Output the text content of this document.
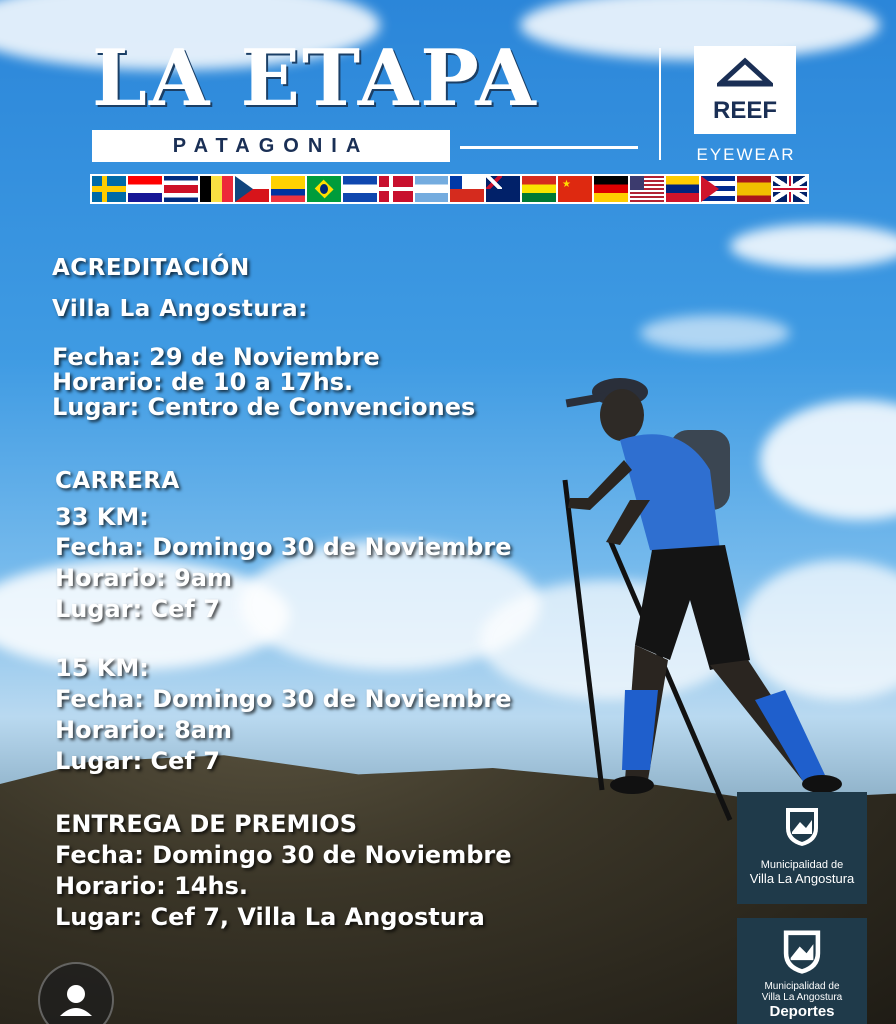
LA ETAPA
PATAGONIA
REEF
EYEWEAR
★
ACREDITACIÓN
Villa La Angostura:
Fecha: 29 de Noviembre
Horario: de 10 a 17hs.
Lugar: Centro de Convenciones
CARRERA
33 KM:
Fecha: Domingo 30 de Noviembre
Horario: 9am
Lugar: Cef 7
15 KM:
Fecha: Domingo 30 de Noviembre
Horario: 8am
Lugar: Cef 7
ENTREGA DE PREMIOS
Fecha: Domingo 30 de Noviembre
Horario: 14hs.
Lugar: Cef 7, Villa La Angostura
Municipalidad de
Villa La Angostura
Municipalidad de
Villa La Angostura
Deportes
